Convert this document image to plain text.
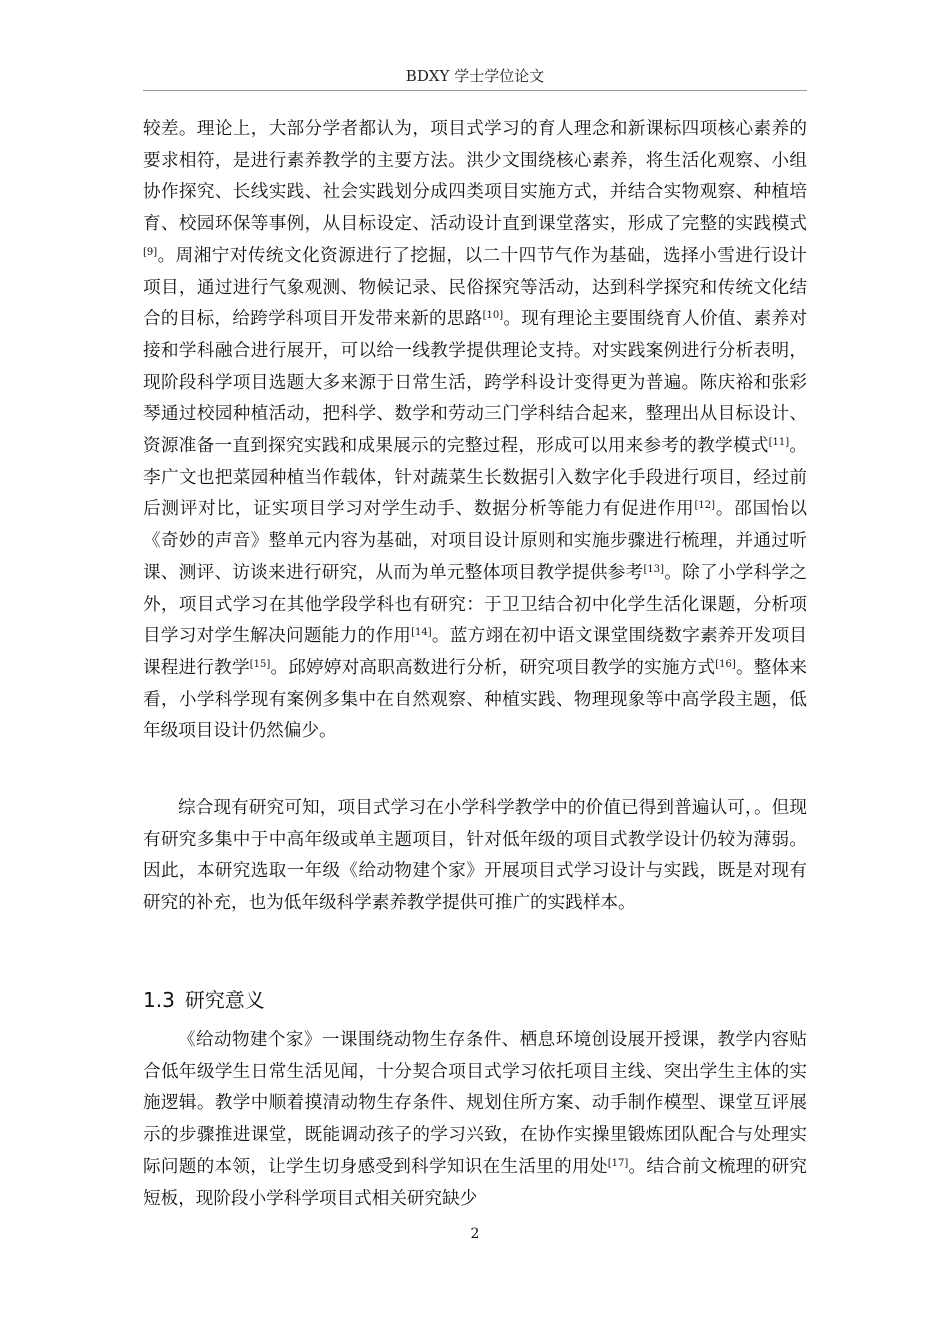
BDXY 学士学位论文

较差。理论上，大部分学者都认为，项目式学习的育人理念和新课标四项核心素养的要求相符，是进行素养教学的主要方法。洪少文围绕核心素养，将生活化观察、小组协作探究、长线实践、社会实践划分成四类项目实施方式，并结合实物观察、种植培育、校园环保等事例，从目标设定、活动设计直到课堂落实，形成了完整的实践模式[9]。周湘宁对传统文化资源进行了挖掘，以二十四节气作为基础，选择小雪进行设计项目，通过进行气象观测、物候记录、民俗探究等活动，达到科学探究和传统文化结合的目标，给跨学科项目开发带来新的思路[10]。现有理论主要围绕育人价值、素养对接和学科融合进行展开，可以给一线教学提供理论支持。对实践案例进行分析表明，现阶段科学项目选题大多来源于日常生活，跨学科设计变得更为普遍。陈庆裕和张彩琴通过校园种植活动，把科学、数学和劳动三门学科结合起来，整理出从目标设计、资源准备一直到探究实践和成果展示的完整过程，形成可以用来参考的教学模式[11]。李广文也把菜园种植当作载体，针对蔬菜生长数据引入数字化手段进行项目，经过前后测评对比，证实项目学习对学生动手、数据分析等能力有促进作用[12]。邵国怡以《奇妙的声音》整单元内容为基础，对项目设计原则和实施步骤进行梳理，并通过听课、测评、访谈来进行研究，从而为单元整体项目教学提供参考[13]。除了小学科学之外，项目式学习在其他学段学科也有研究：于卫卫结合初中化学生活化课题，分析项目学习对学生解决问题能力的作用[14]。蓝方翊在初中语文课堂围绕数字素养开发项目课程进行教学[15]。邱婷婷对高职高数进行分析，研究项目教学的实施方式[16]。整体来看，小学科学现有案例多集中在自然观察、种植实践、物理现象等中高学段主题，低年级项目设计仍然偏少。

综合现有研究可知，项目式学习在小学科学教学中的价值已得到普遍认可，。但现有研究多集中于中高年级或单主题项目，针对低年级的项目式教学设计仍较为薄弱。因此，本研究选取一年级《给动物建个家》开展项目式学习设计与实践，既是对现有研究的补充，也为低年级科学素养教学提供可推广的实践样本。

1.3 研究意义

《给动物建个家》一课围绕动物生存条件、栖息环境创设展开授课，教学内容贴合低年级学生日常生活见闻，十分契合项目式学习依托项目主线、突出学生主体的实施逻辑。教学中顺着摸清动物生存条件、规划住所方案、动手制作模型、课堂互评展示的步骤推进课堂，既能调动孩子的学习兴致，在协作实操里锻炼团队配合与处理实际问题的本领，让学生切身感受到科学知识在生活里的用处[17]。结合前文梳理的研究短板，现阶段小学科学项目式相关研究缺少

2
